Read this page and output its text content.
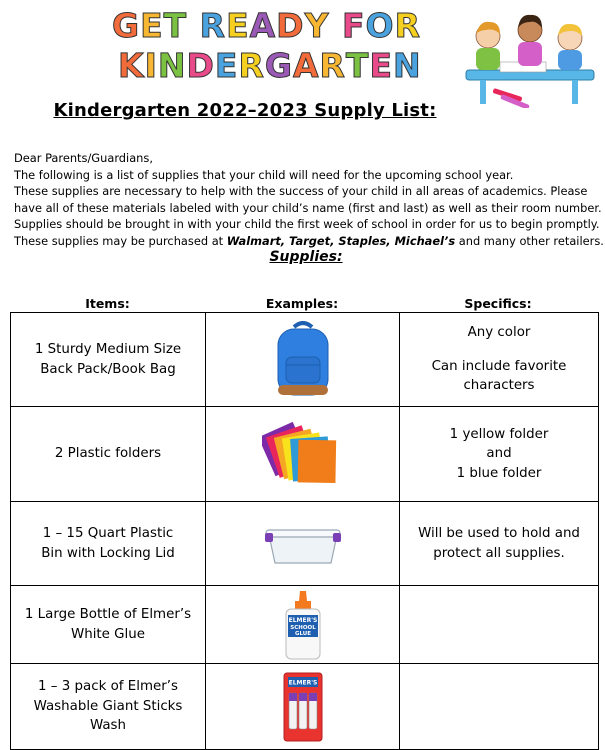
GET READY FOR
KINDERGARTEN
Kindergarten 2022–2023 Supply List:

Dear Parents/Guardians,

The following is a list of supplies that your child will need for the upcoming school year.

These supplies are necessary to help with the success of your child in all areas of academics. Please

have all of these materials labeled with your child’s name (first and last) as well as their room number.

Supplies should be brought in with your child the first week of school in order for us to begin promptly.

These supplies may be purchased at Walmart, Target, Staples, Michael’s and many other retailers.

Supplies:
Items:	Examples:	Specifics:
1 Sturdy Medium Size
Back Pack/Book Bag		Any color
Can include favorite
characters

2 Plastic folders		1 yellow folder
and
1 blue folder

1 – 15 Quart Plastic
Bin with Locking Lid		Will be used to hold and
protect all supplies.

1 Large Bottle of Elmer’s
White Glue	ELMER'S
SCHOOL
GLUE	

1 – 3 pack of Elmer’s
Washable Giant Sticks
Wash	ELMER'S	
